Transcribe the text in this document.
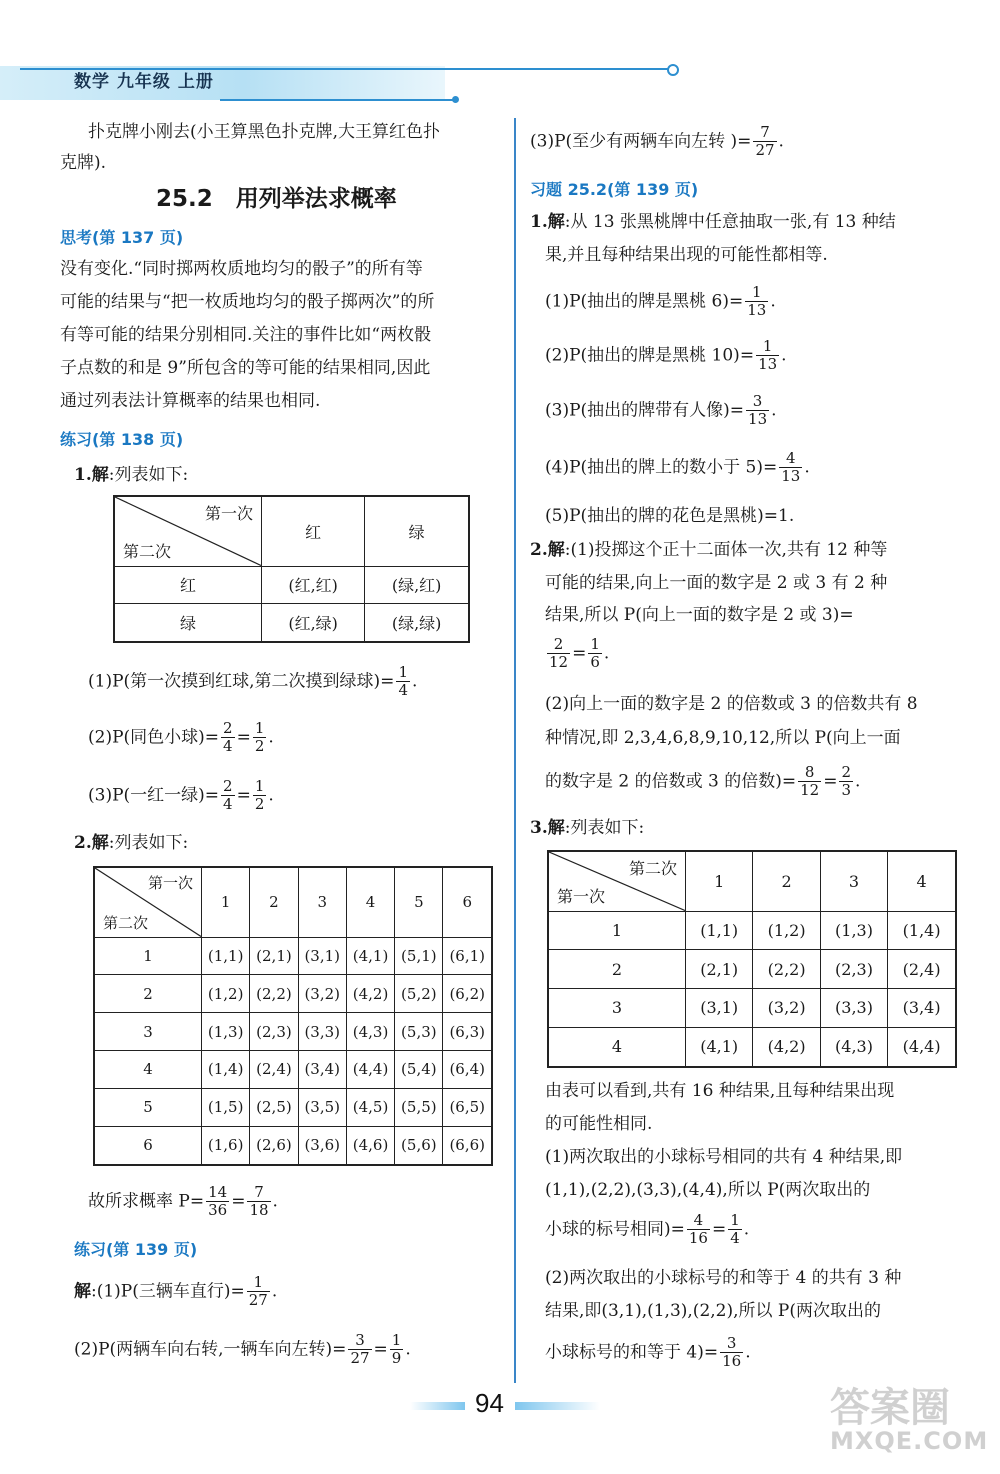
数学 九年级 上册
扑克牌小刚去(小王算黑色扑克牌,大王算红色扑
克牌).
25.2　用列举法求概率
思考(第 137 页)
没有变化.“同时掷两枚质地均匀的骰子”的所有等
可能的结果与“把一枚质地均匀的骰子掷两次”的所
有等可能的结果分别相同.关注的事件比如“两枚骰
子点数的和是 9”所包含的等可能的结果相同,因此
通过列表法计算概率的结果也相同.
练习(第 138 页)
1.解:列表如下:
第一次
第二次	红	绿
红	(红,红)	(绿,红)
绿	(红,绿)	(绿,绿)
(1)P(第一次摸到红球,第二次摸到绿球)= $\frac{1}{4}$ .
(2)P(同色小球)= $\frac{2}{4} = \frac{1}{2}$ .
(3)P(一红一绿)= $\frac{2}{4} = \frac{1}{2}$ .
2.解:列表如下:
第一次
第二次	1	2	3	4	5	6
1	(1,1)	(2,1)	(3,1)	(4,1)	(5,1)	(6,1)
2	(1,2)	(2,2)	(3,2)	(4,2)	(5,2)	(6,2)
3	(1,3)	(2,3)	(3,3)	(4,3)	(5,3)	(6,3)
4	(1,4)	(2,4)	(3,4)	(4,4)	(5,4)	(6,4)
5	(1,5)	(2,5)	(3,5)	(4,5)	(5,5)	(6,5)
6	(1,6)	(2,6)	(3,6)	(4,6)	(5,6)	(6,6)
故所求概率 $P= \frac{14}{36} = \frac{7}{18}$ .
练习(第 139 页)
解:(1)P(三辆车直行)= $\frac{1}{27}$ .
(2)P(两辆车向右转,一辆车向左转)= $\frac{3}{27} = \frac{1}{9}$ .
(3)P(至少有两辆车向左转 )= $\frac{7}{27}$ .
习题 25.2(第 139 页)
1.解:从 13 张黑桃牌中任意抽取一张,有 13 种结
果,并且每种结果出现的可能性都相等.
(1)P(抽出的牌是黑桃 $6)= \frac{1}{13}$ .
(2)P(抽出的牌是黑桃 $10)= \frac{1}{13}$ .
(3)P(抽出的牌带有人像)= $\frac{3}{13}$ .
(4)P(抽出的牌上的数小于 $5)= \frac{4}{13}$ .
(5)P(抽出的牌的花色是黑桃)=1.
2.解:(1)投掷这个正十二面体一次,共有 12 种等
可能的结果,向上一面的数字是 2 或 3 有 2 种
结果,所以 P(向上一面的数字是 2 或 3)=
$\frac{2}{12} = \frac{1}{6}$ .
(2)向上一面的数字是 2 的倍数或 3 的倍数共有 8
种情况,即 2,3,4,6,8,9,10,12,所以 P(向上一面
的数字是 2 的倍数或 3 的倍数)= $\frac{8}{12} = \frac{2}{3}$ .
3.解:列表如下:
第二次
第一次	1	2	3	4
1	(1,1)	(1,2)	(1,3)	(1,4)
2	(2,1)	(2,2)	(2,3)	(2,4)
3	(3,1)	(3,2)	(3,3)	(3,4)
4	(4,1)	(4,2)	(4,3)	(4,4)
由表可以看到,共有 16 种结果,且每种结果出现
的可能性相同.
(1)两次取出的小球标号相同的共有 4 种结果,即
(1,1),(2,2),(3,3),(4,4),所以 P(两次取出的
小球的标号相同)= $\frac{4}{16} = \frac{1}{4}$ .
(2)两次取出的小球标号的和等于 4 的共有 3 种
结果,即(3,1),(1,3),(2,2),所以 P(两次取出的
小球标号的和等于 $4)= \frac{3}{16}$ .
94	答案圈
MXQE.COM
